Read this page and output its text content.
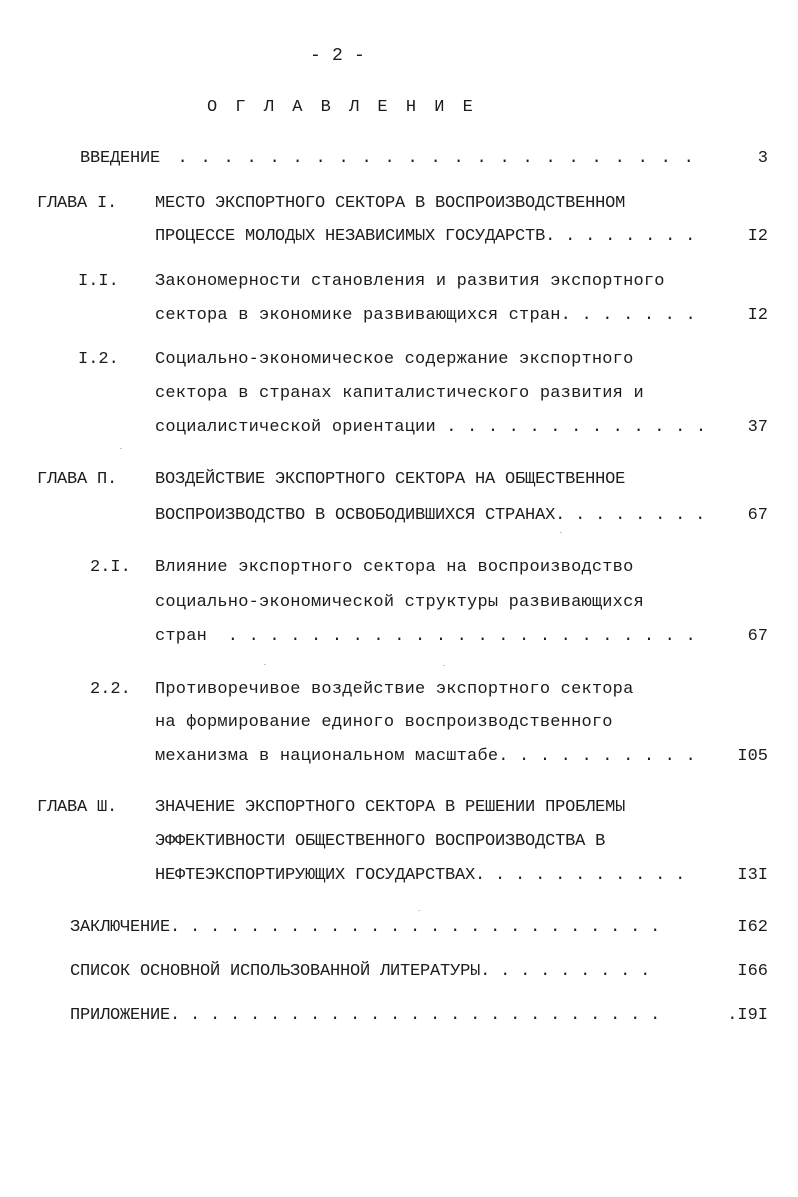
- 2 -
О Г Л А В Л Е Н И Е
ВВЕДЕНИЕ . . . . . . . . . . . . . . . . . . . . . . .	3
ГЛАВА I. МЕСТО ЭКСПОРТНОГО СЕКТОРА В ВОСПРОИЗВОДСТВЕННОМ
ПРОЦЕССЕ МОЛОДЫХ НЕЗАВИСИМЫХ ГОСУДАРСТВ. . . . . . . .	I2
I.I. Закономерности становления и развития экспортного
сектора в экономике развивающихся стран. . . . . . .	I2
I.2. Социально-экономическое содержание экспортного
сектора в странах капиталистического развития и
социалистической ориентации . . . . . . . . . . . . . 37
ГЛАВА П. ВОЗДЕЙСТВИЕ ЭКСПОРТНОГО СЕКТОРА НА ОБЩЕСТВЕННОЕ
ВОСПРОИЗВОДСТВО В ОСВОБОДИВШИХСЯ СТРАНАХ. . . . . . . .	67
2.I. Влияние экспортного сектора на воспроизводство
социально-экономической структуры развивающихся
стран  . . . . . . . . . . . . . . . . . . . . . . .	67
2.2. Противоречивое воздействие экспортного сектора
на формирование единого воспроизводственного
механизма в национальном масштабе. . . . . . . . . . I05
ГЛАВА Ш. ЗНАЧЕНИЕ ЭКСПОРТНОГО СЕКТОРА В РЕШЕНИИ ПРОБЛЕМЫ
ЭФФЕКТИВНОСТИ ОБЩЕСТВЕННОГО ВОСПРОИЗВОДСТВА В
НЕФТЕЭКСПОРТИРУЮЩИХ ГОСУДАРСТВАХ. . . . . . . . . . .	I3I
ЗАКЛЮЧЕНИЕ. . . . . . . . . . . . . . . . . . . . . . . . .	I62
СПИСОК ОСНОВНОЙ ИСПОЛЬЗОВАННОЙ ЛИТЕРАТУРЫ. . . . . . . . .	I66
ПРИЛОЖЕНИЕ. . . . . . . . . . . . . . . . . . . . . . . . .	.I9I
